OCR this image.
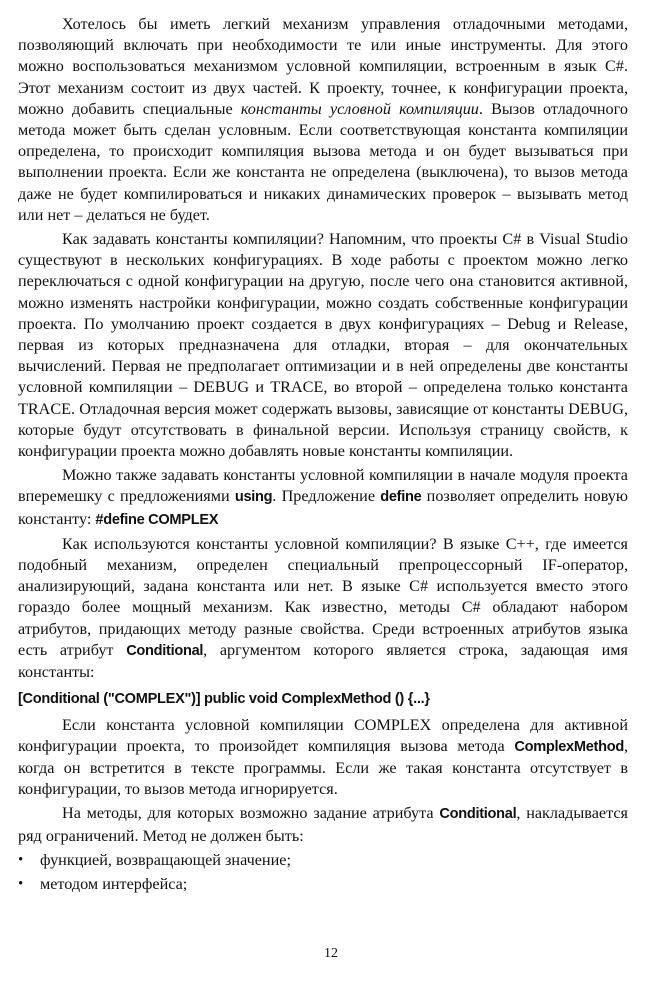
Хотелось бы иметь легкий механизм управления отладочными методами, позволяющий включать при необходимости те или иные инструменты. Для этого можно воспользоваться механизмом условной компиляции, встроенным в язык C#. Этот механизм состоит из двух частей. К проекту, точнее, к конфигурации проекта, можно добавить специальные константы условной компиляции. Вызов отладочного метода может быть сделан условным. Если соответствующая константа компиляции определена, то происходит компиляция вызова метода и он будет вызываться при выполнении проекта. Если же константа не определена (выключена), то вызов метода даже не будет компилироваться и никаких динамических проверок – вызывать метод или нет – делаться не будет.

Как задавать константы компиляции? Напомним, что проекты C# в Visual Studio существуют в нескольких конфигурациях. В ходе работы с проектом можно легко переключаться с одной конфигурации на другую, после чего она становится активной, можно изменять настройки конфигурации, можно создать собственные конфигурации проекта. По умолчанию проект создается в двух конфигурациях – Debug и Release, первая из которых предназначена для отладки, вторая – для окончательных вычислений. Первая не предполагает оптимизации и в ней определены две константы условной компиляции – DEBUG и TRACE, во второй – определена только константа TRACE. Отладочная версия может содержать вызовы, зависящие от константы DEBUG, которые будут отсутствовать в финальной версии. Используя страницу свойств, к конфигурации проекта можно добавлять новые константы компиляции.

Можно также задавать константы условной компиляции в начале модуля проекта вперемешку с предложениями using. Предложение define позволяет определить новую константу: #define COMPLEX

Как используются константы условной компиляции? В языке C++, где имеется подобный механизм, определен специальный препроцессорный IF-оператор, анализирующий, задана константа или нет. В языке C# используется вместо этого гораздо более мощный механизм. Как известно, методы C# обладают набором атрибутов, придающих методу разные свойства. Среди встроенных атрибутов языка есть атрибут Conditional, аргументом которого является строка, задающая имя константы:

[Conditional ("COMPLEX")] public void ComplexMethod () {...}

Если константа условной компиляции COMPLEX определена для активной конфигурации проекта, то произойдет компиляция вызова метода ComplexMethod, когда он встретится в тексте программы. Если же такая константа отсутствует в конфигурации, то вызов метода игнорируется.

На методы, для которых возможно задание атрибута Conditional, накладывается ряд ограничений. Метод не должен быть:

• функцией, возвращающей значение;
• методом интерфейса;
12
